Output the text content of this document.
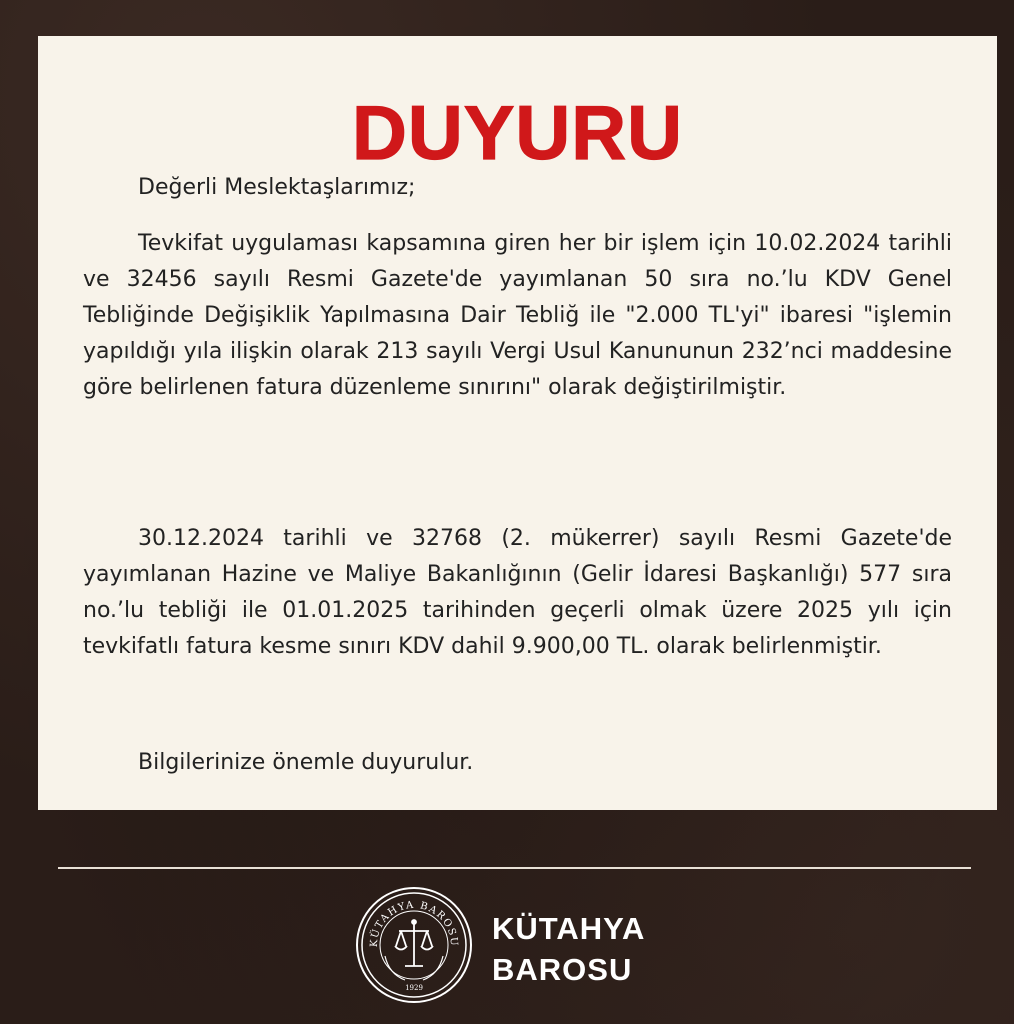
DUYURU
Değerli Meslektaşlarımız;
Tevkifat uygulaması kapsamına giren her bir işlem için 10.02.2024 tarihli ve 32456 sayılı Resmi Gazete'de yayımlanan 50 sıra no.’lu KDV Genel Tebliğinde Değişiklik Yapılmasına Dair Tebliğ ile "2.000 TL'yi" ibaresi "işlemin yapıldığı yıla ilişkin olarak 213 sayılı Vergi Usul Kanununun 232’nci maddesine göre belirlenen fatura düzenleme sınırını" olarak değiştirilmiştir.
30.12.2024 tarihli ve 32768 (2. mükerrer) sayılı Resmi Gazete'de yayımlanan Hazine ve Maliye Bakanlığının (Gelir İdaresi Başkanlığı) 577 sıra no.’lu tebliği ile 01.01.2025 tarihinden geçerli olmak üzere 2025 yılı için tevkifatlı fatura kesme sınırı KDV dahil 9.900,00 TL. olarak belirlenmiştir.
Bilgilerinize önemle duyurulur.
KÜTAHYA BAROSU
1929
KÜTAHYA
BAROSU
